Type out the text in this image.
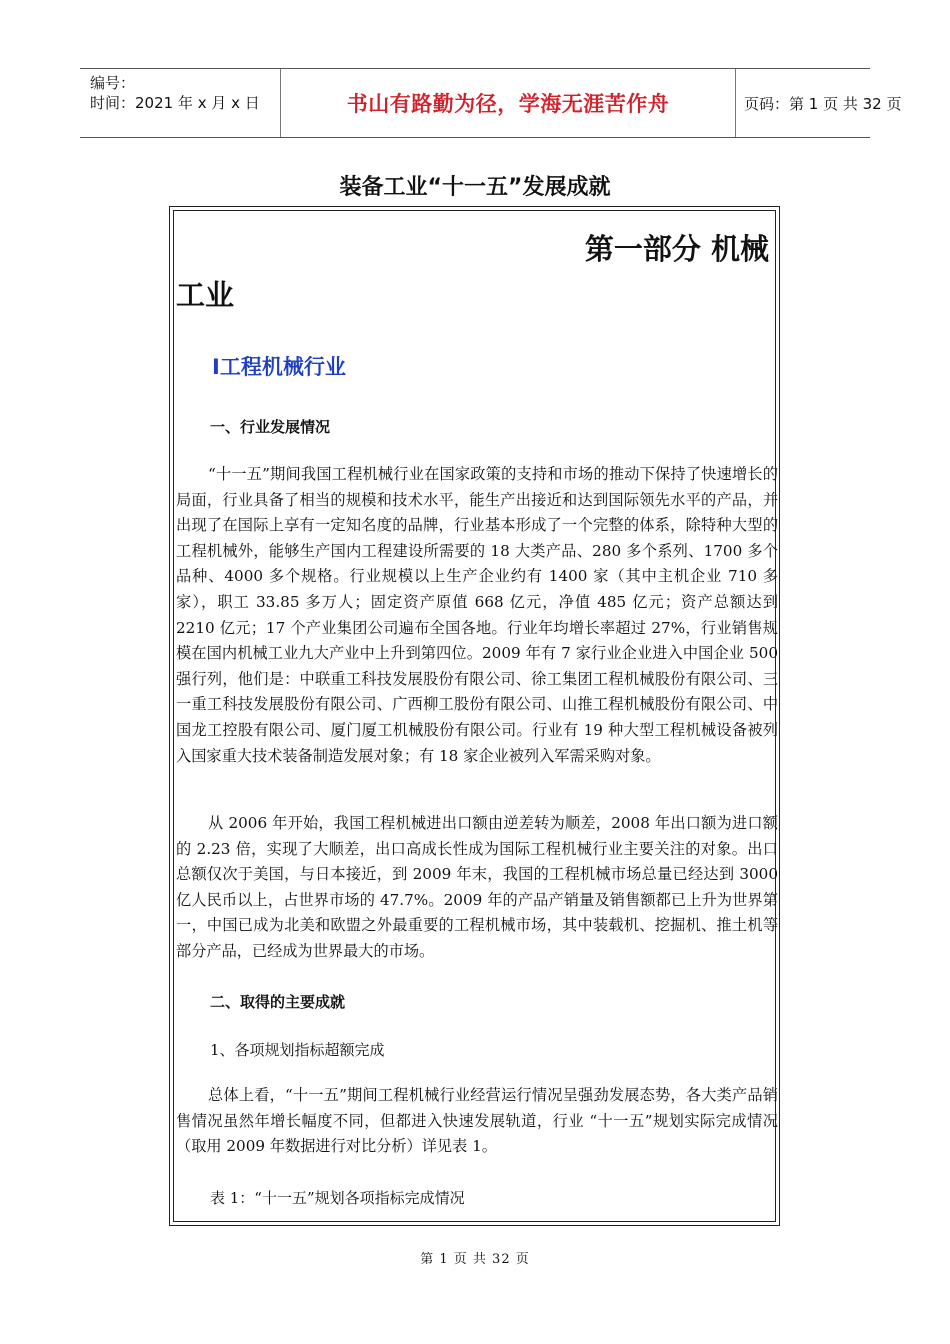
编号：
时间：2021 年 x 月 x 日	书山有路勤为径，学海无涯苦作舟	页码：第 1 页 共 32 页
装备工业“十一五”发展成就
第一部分 机械
工业
Ⅰ工程机械行业
一、行业发展情况
“十一五”期间我国工程机械行业在国家政策的支持和市场的推动下保持了快速增长的局面，行业具备了相当的规模和技术水平，能生产出接近和达到国际领先水平的产品，并出现了在国际上享有一定知名度的品牌，行业基本形成了一个完整的体系，除特种大型的工程机械外，能够生产国内工程建设所需要的 18 大类产品、280 多个系列、1700 多个品种、4000 多个规格。行业规模以上生产企业约有 1400 家（其中主机企业 710 多家），职工 33.85 多万人；固定资产原值 668 亿元，净值 485 亿元；资产总额达到 2210 亿元；17 个产业集团公司遍布全国各地。行业年均增长率超过 27%，行业销售规模在国内机械工业九大产业中上升到第四位。2009 年有 7 家行业企业进入中国企业 500 强行列，他们是：中联重工科技发展股份有限公司、徐工集团工程机械股份有限公司、三一重工科技发展股份有限公司、广西柳工股份有限公司、山推工程机械股份有限公司、中国龙工控股有限公司、厦门厦工机械股份有限公司。行业有 19 种大型工程机械设备被列入国家重大技术装备制造发展对象；有 18 家企业被列入军需采购对象。
从 2006 年开始，我国工程机械进出口额由逆差转为顺差，2008 年出口额为进口额的 2.23 倍，实现了大顺差，出口高成长性成为国际工程机械行业主要关注的对象。出口总额仅次于美国，与日本接近，到 2009 年末，我国的工程机械市场总量已经达到 3000 亿人民币以上，占世界市场的 47.7%。2009 年的产品产销量及销售额都已上升为世界第一，中国已成为北美和欧盟之外最重要的工程机械市场，其中装载机、挖掘机、推土机等部分产品，已经成为世界最大的市场。
二、取得的主要成就
1、各项规划指标超额完成
总体上看，“十一五”期间工程机械行业经营运行情况呈强劲发展态势，各大类产品销售情况虽然年增长幅度不同，但都进入快速发展轨道，行业 “十一五”规划实际完成情况（取用 2009 年数据进行对比分析）详见表 1。
表 1：“十一五”规划各项指标完成情况
第 1 页 共 32 页
